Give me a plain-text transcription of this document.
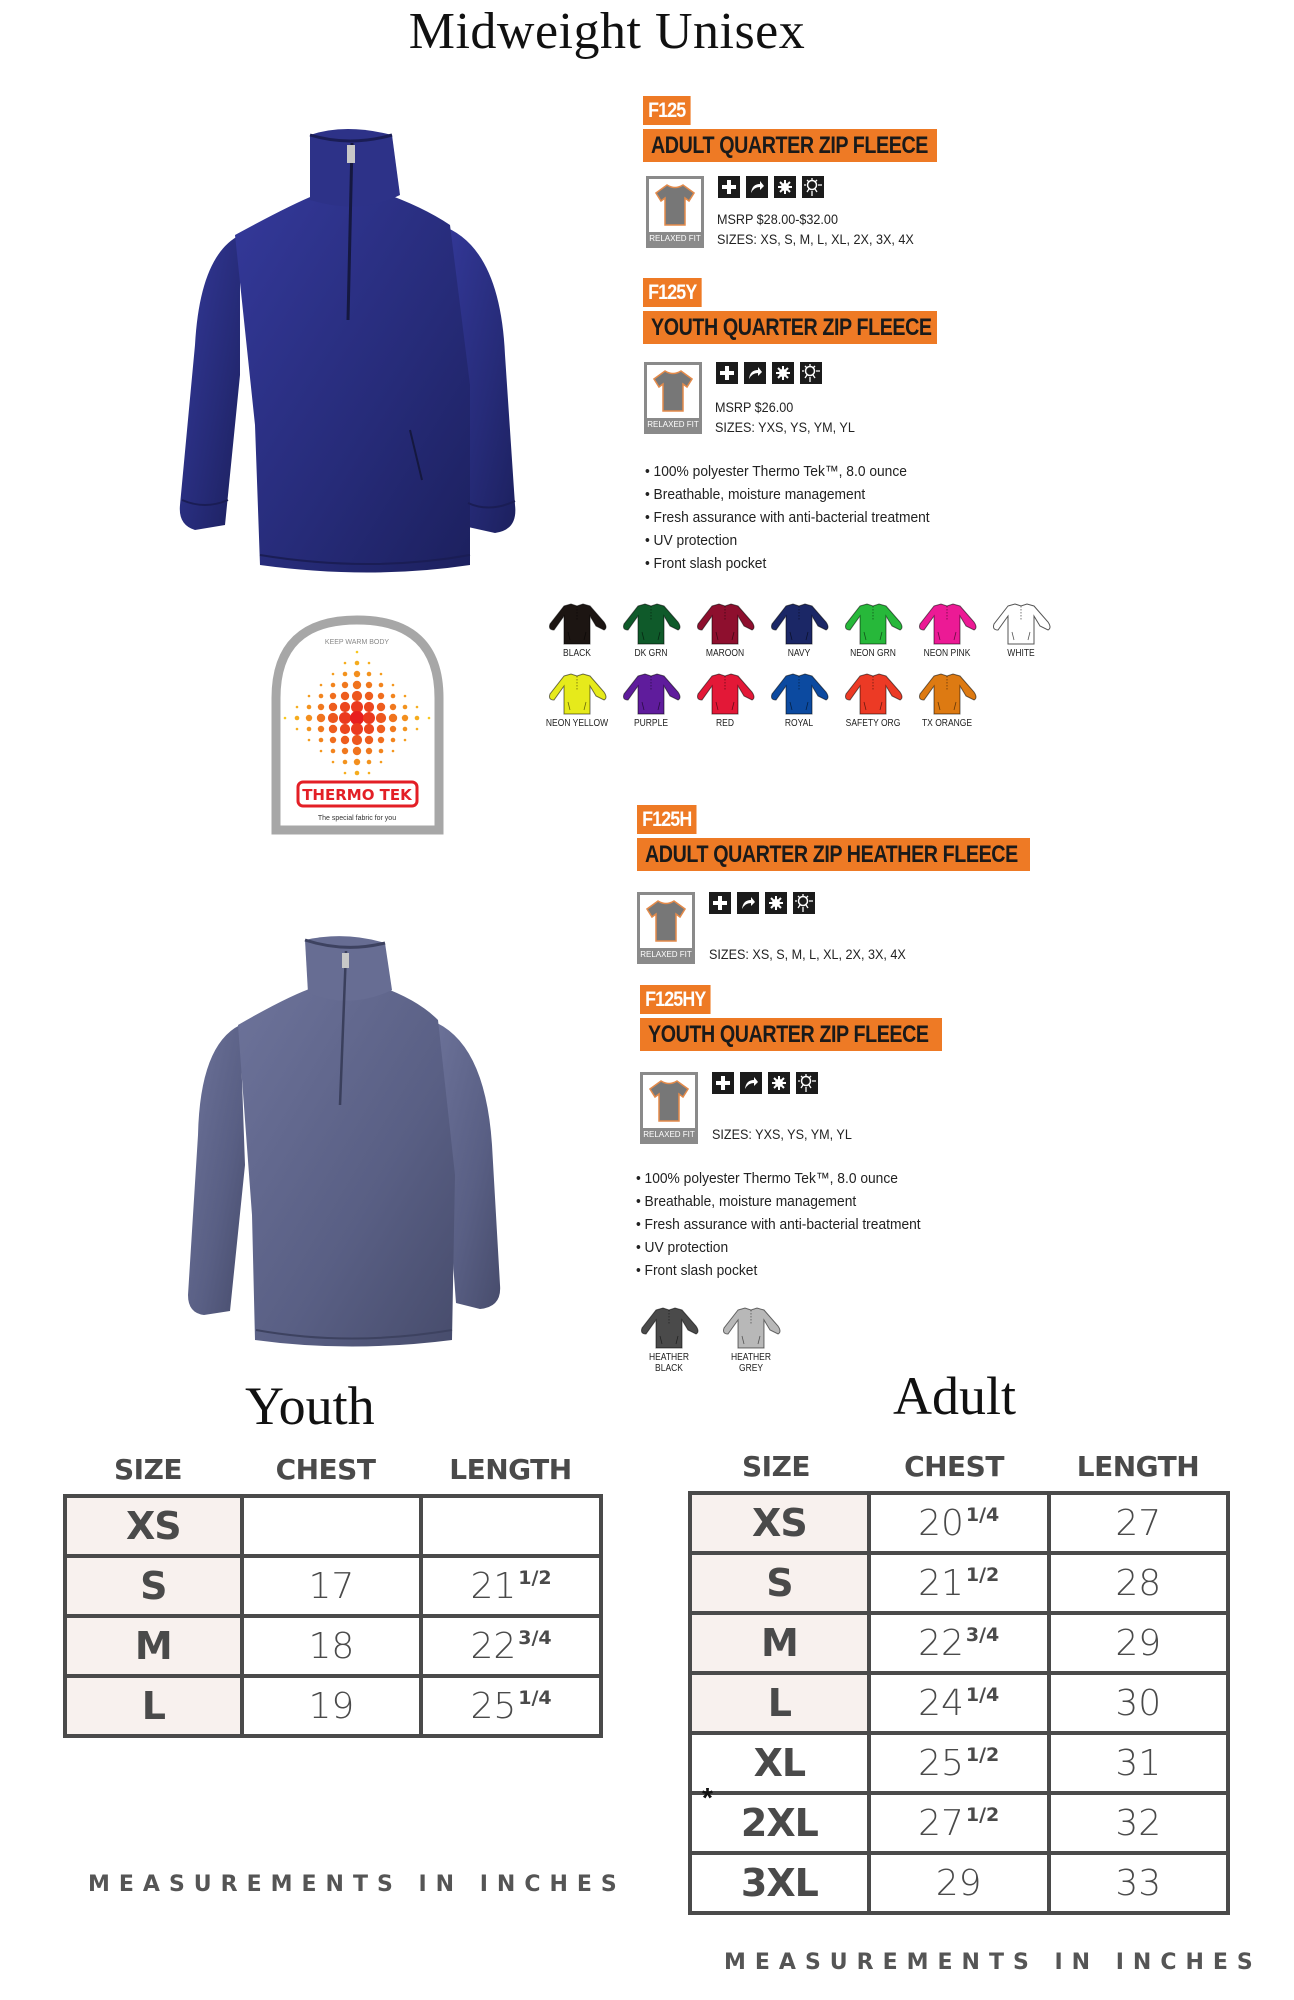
Midweight Unisex
F125
ADULT QUARTER ZIP FLEECE
RELAXED FIT
MSRP $28.00-$32.00
SIZES: XS, S, M, L, XL, 2X, 3X, 4X
F125Y
YOUTH QUARTER ZIP FLEECE
RELAXED FIT
MSRP $26.00
SIZES: YXS, YS, YM, YL
• 100% polyester Thermo Tek™, 8.0 ounce
• Breathable, moisture management
• Fresh assurance with anti-bacterial treatment
• UV protection
• Front slash pocket
BLACK	DK GRN	MAROON	NAVY	NEON GRN	NEON PINK	WHITE
NEON YELLOW	PURPLE	RED	ROYAL	SAFETY ORG	TX ORANGE
KEEP WARM BODY
THERMO TEK
The special fabric for you	F125H
ADULT QUARTER ZIP HEATHER FLEECE
RELAXED FIT SIZES: XS, S, M, L, XL, 2X, 3X, 4X
F125HY
YOUTH QUARTER ZIP FLEECE
RELAXED FIT SIZES: YXS, YS, YM, YL
• 100% polyester Thermo Tek™, 8.0 ounce
• Breathable, moisture management
• Fresh assurance with anti-bacterial treatment
• UV protection
• Front slash pocket
HEATHER
BLACK
HEATHER
GREY
Youth
SIZE	CHEST	LENGTH
XS		
S	17	21 $^{1/2}$
M	18	22 $^{3/4}$
L	19	25 $^{1/4}$
MEASUREMENTS IN INCHES
Adult
SIZE	CHEST	LENGTH
XS	20 $^{1/4}$	27
S	21 $^{1/2}$	28
M	22 $^{3/4}$	29
L	24 $^{1/4}$	30
XL	25 $^{1/2}$	31
2XL	27 $^{1/2}$	32
3XL	29	33
*
MEASUREMENTS IN INCHES
